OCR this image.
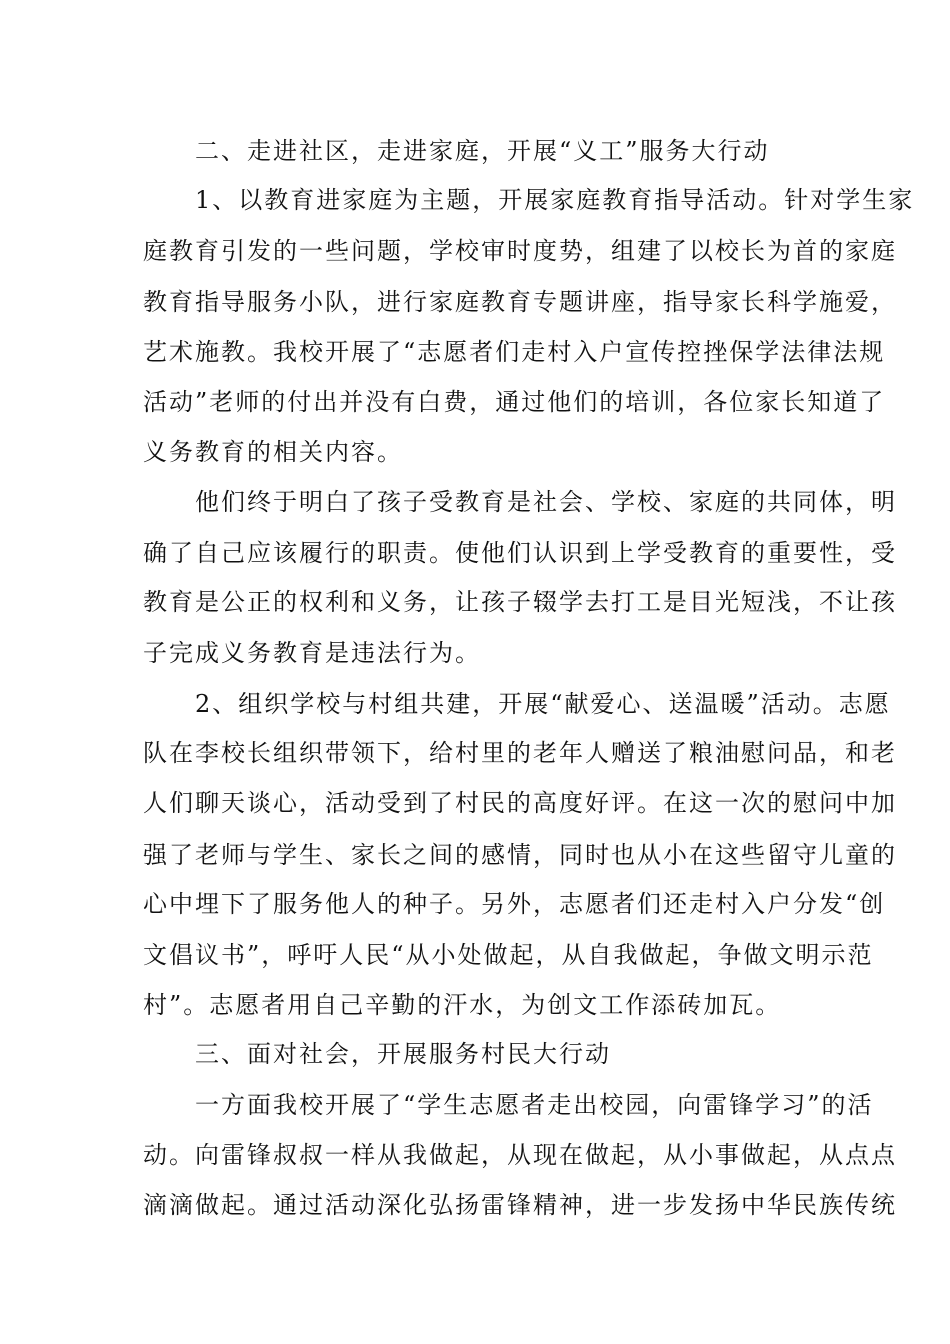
　　二、走进社区，走进家庭，开展“义工”服务大行动
　　1、以教育进家庭为主题，开展家庭教育指导活动。针对学生家
庭教育引发的一些问题，学校审时度势，组建了以校长为首的家庭
教育指导服务小队，进行家庭教育专题讲座，指导家长科学施爱，
艺术施教。我校开展了“志愿者们走村入户宣传控挫保学法律法规
活动”老师的付出并没有白费，通过他们的培训，各位家长知道了
义务教育的相关内容。
　　他们终于明白了孩子受教育是社会、学校、家庭的共同体，明
确了自己应该履行的职责。使他们认识到上学受教育的重要性，受
教育是公正的权利和义务，让孩子辍学去打工是目光短浅，不让孩
子完成义务教育是违法行为。
　　2、组织学校与村组共建，开展“献爱心、送温暖”活动。志愿
队在李校长组织带领下，给村里的老年人赠送了粮油慰问品，和老
人们聊天谈心，活动受到了村民的高度好评。在这一次的慰问中加
强了老师与学生、家长之间的感情，同时也从小在这些留守儿童的
心中埋下了服务他人的种子。另外，志愿者们还走村入户分发“创
文倡议书”，呼吁人民“从小处做起，从自我做起，争做文明示范
村”。志愿者用自己辛勤的汗水，为创文工作添砖加瓦。
　　三、面对社会，开展服务村民大行动
　　一方面我校开展了“学生志愿者走出校园，向雷锋学习”的活
动。向雷锋叔叔一样从我做起，从现在做起，从小事做起，从点点
滴滴做起。通过活动深化弘扬雷锋精神，进一步发扬中华民族传统
